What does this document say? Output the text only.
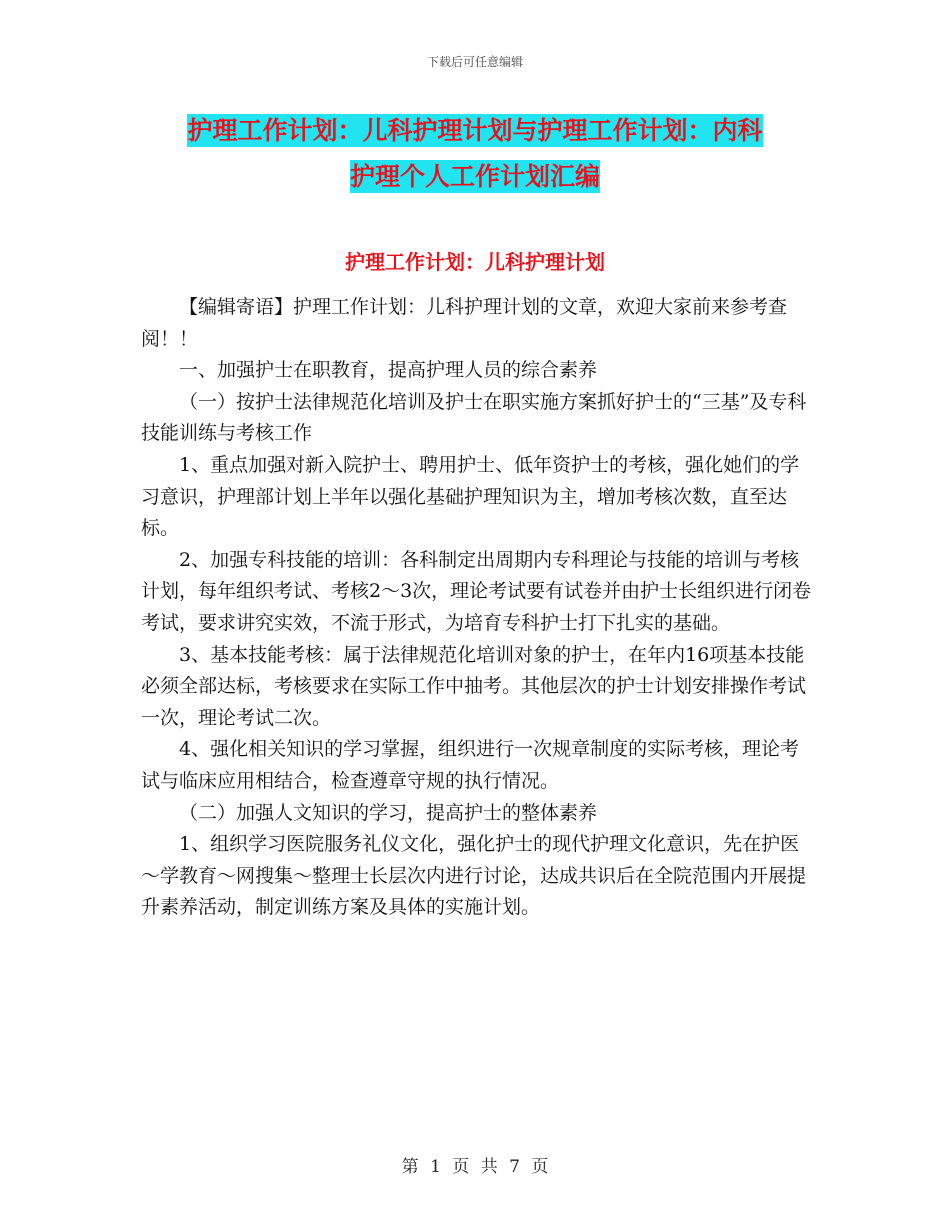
下载后可任意编辑
护理工作计划：儿科护理计划与护理工作计划：内科
护理个人工作计划汇编
护理工作计划：儿科护理计划

【编辑寄语】护理工作计划：儿科护理计划的文章，欢迎大家前来参考查阅！！

一、加强护士在职教育，提高护理人员的综合素养

（一）按护士法律规范化培训及护士在职实施方案抓好护士的“三基”及专科技能训练与考核工作

1、重点加强对新入院护士、聘用护士、低年资护士的考核，强化她们的学习意识，护理部计划上半年以强化基础护理知识为主，增加考核次数，直至达标。

2、加强专科技能的培训：各科制定出周期内专科理论与技能的培训与考核计划，每年组织考试、考核2～3次，理论考试要有试卷并由护士长组织进行闭卷考试，要求讲究实效，不流于形式，为培育专科护士打下扎实的基础。

3、基本技能考核：属于法律规范化培训对象的护士，在年内16项基本技能必须全部达标，考核要求在实际工作中抽考。其他层次的护士计划安排操作考试一次，理论考试二次。

4、强化相关知识的学习掌握，组织进行一次规章制度的实际考核，理论考试与临床应用相结合，检查遵章守规的执行情况。

（二）加强人文知识的学习，提高护士的整体素养

1、组织学习医院服务礼仪文化，强化护士的现代护理文化意识，先在护医～学教育～网搜集～整理士长层次内进行讨论，达成共识后在全院范围内开展提升素养活动，制定训练方案及具体的实施计划。

第 1 页 共 7 页
